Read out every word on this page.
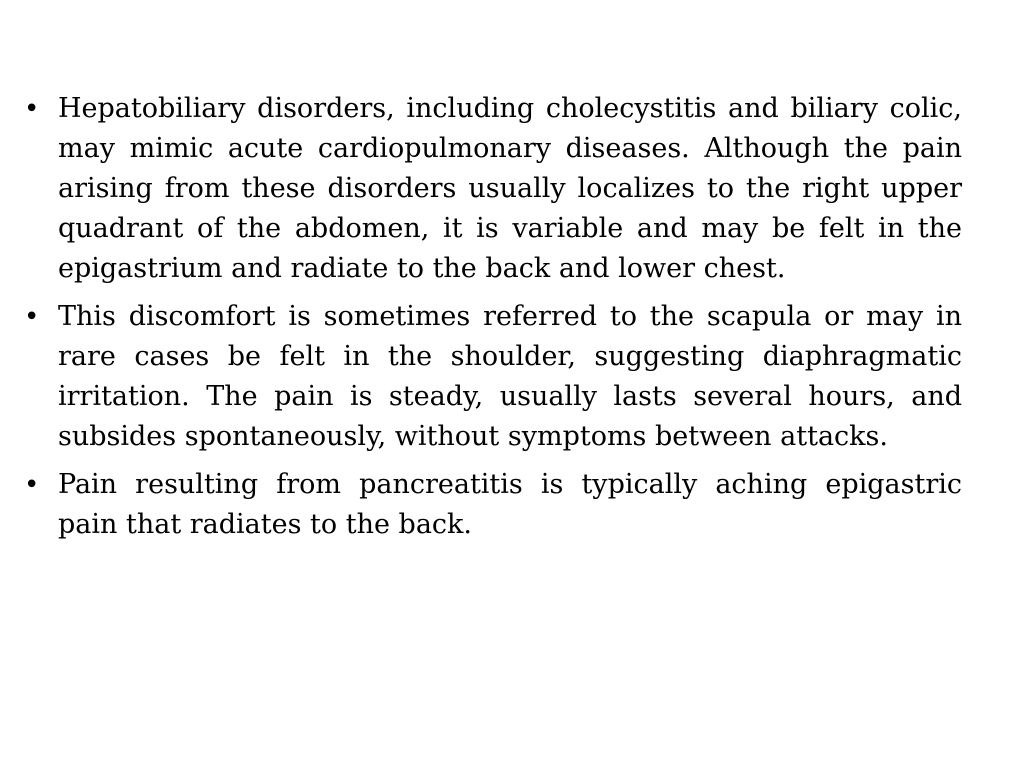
• Hepatobiliary disorders, including cholecystitis and biliary colic, may mimic acute cardiopulmonary diseases. Although the pain arising from these disorders usually localizes to the right upper quadrant of the abdomen, it is variable and may be felt in the epigastrium and radiate to the back and lower chest.
• This discomfort is sometimes referred to the scapula or may in rare cases be felt in the shoulder, suggesting diaphragmatic irritation. The pain is steady, usually lasts several hours, and subsides spontaneously, without symptoms between attacks.
• Pain resulting from pancreatitis is typically aching epigastric pain that radiates to the back.
